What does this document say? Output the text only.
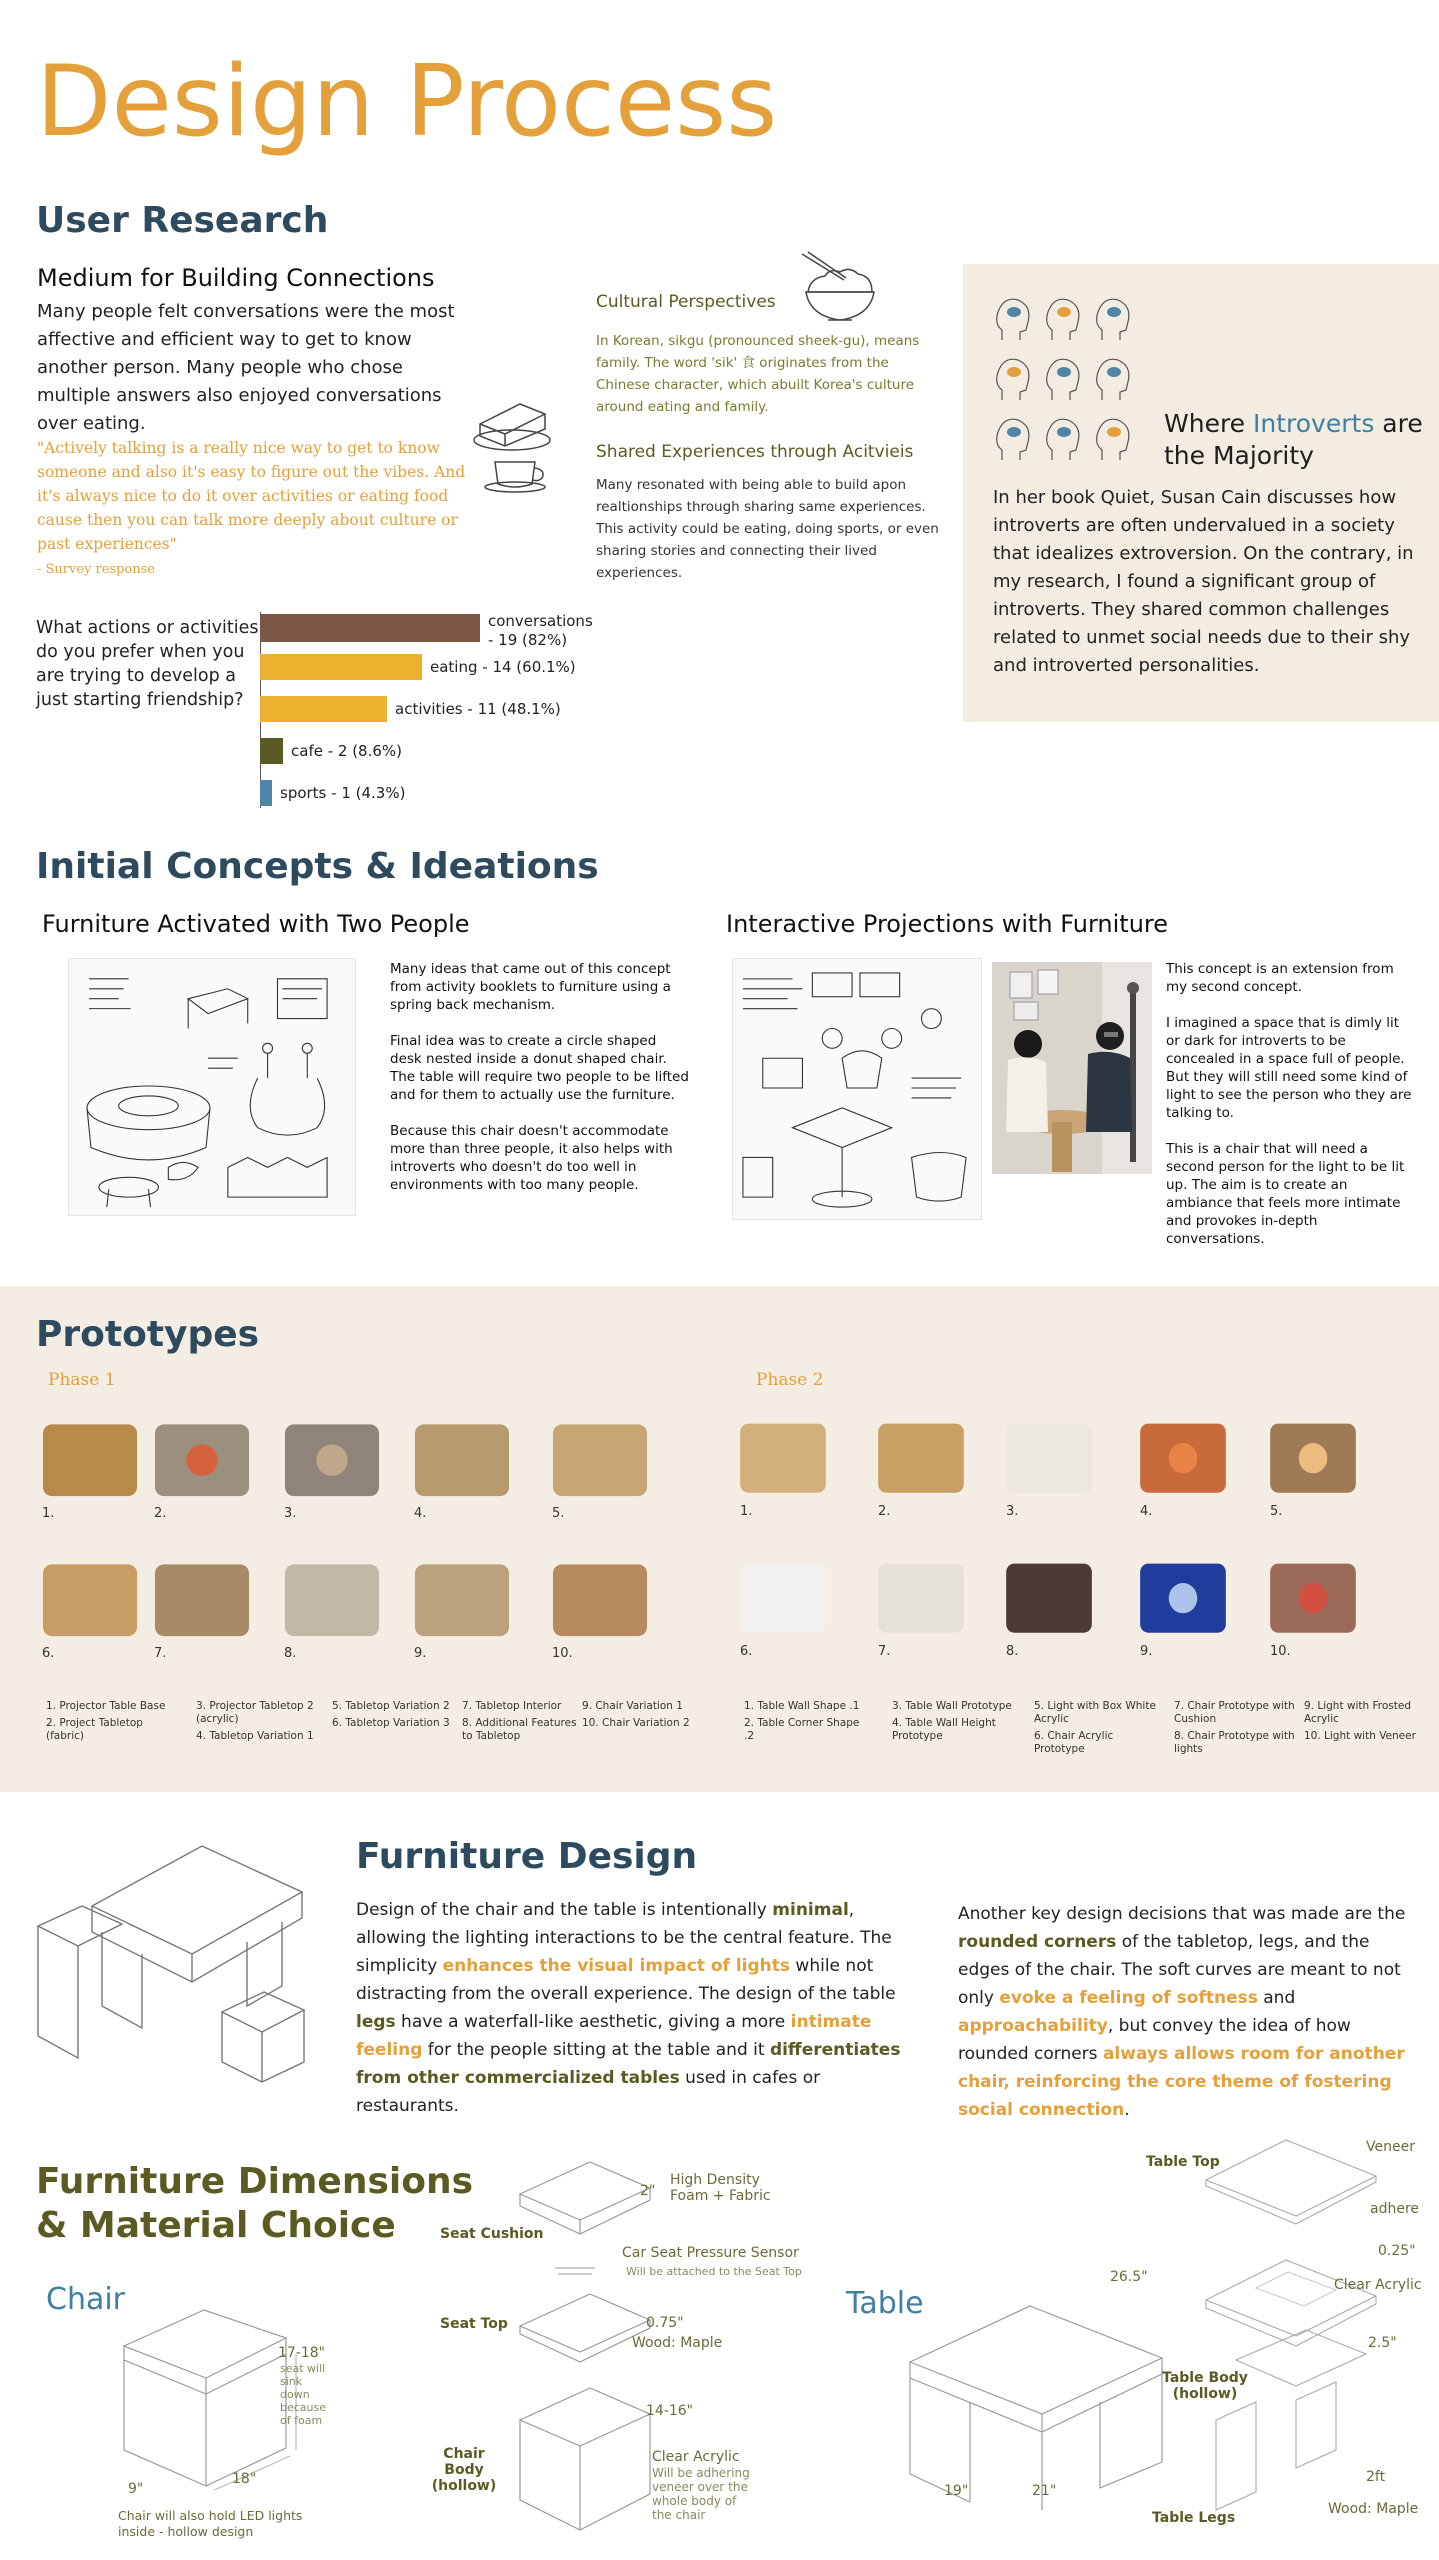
Design Process
User Research
Medium for Building Connections
Many people felt conversations were the most affective and efficient way to get to know another person. Many people who chose multiple answers also enjoyed conversations over eating.
"Actively talking is a really nice way to get to know someone and also it's easy to figure out the vibes. And it's always nice to do it over activities or eating food cause then you can talk more deeply about culture or past experiences"
- Survey response
Cultural Perspectives
In Korean, sikgu (pronounced sheek-gu), means family. The word 'sik' 食 originates from the Chinese character, which abuilt Korea's culture around eating and family.
Shared Experiences through Acitvieis
Many resonated with being able to build apon realtionships through sharing same experiences. This activity could be eating, doing sports, or even sharing stories and connecting their lived experiences.
Where Introverts are the Majority
In her book Quiet, Susan Cain discusses how introverts are often undervalued in a society that idealizes extroversion. On the contrary, in my research, I found a significant group of introverts. They shared common challenges related to unmet social needs due to their shy and introverted personalities.
What actions or activities do you prefer when you are trying to develop a just starting friendship?
conversations - 19 (82%)
eating - 14 (60.1%)
activities - 11 (48.1%)
cafe - 2 (8.6%)
sports - 1 (4.3%)
Initial Concepts & Ideations
Furniture Activated with Two People

Many ideas that came out of this concept from activity booklets to furniture using a spring back mechanism.

Final idea was to create a circle shaped desk nested inside a donut shaped chair. The table will require two people to be lifted and for them to actually use the furniture.

Because this chair doesn't accommodate more than three people, it also helps with introverts who doesn't do too well in environments with too many people.

Interactive Projections with Furniture

This concept is an extension from my second concept.

I imagined a space that is dimly lit or dark for introverts to be concealed in a space full of people. But they will still need some kind of light to see the person who they are talking to.

This is a chair that will need a second person for the light to be lit up. The aim is to create an ambiance that feels more intimate and provokes in-depth conversations.

Prototypes
Phase 1	Phase 2
1.	1.
2.	2.
3.	3.
4.	4.
5.	5.
6.	6.
7.	7.
8.	8.
9.	9.
10.	10.
1. Projector Table Base
2. Project Tabletop (fabric)
3. Projector Tabletop 2 (acrylic)
4. Tabletop Variation 1
5. Tabletop Variation 2
6. Tabletop Variation 3
7. Tabletop Interior
8. Additional Features to Tabletop
9. Chair Variation 1
10. Chair Variation 2
1. Table Wall Shape .1
2. Table Corner Shape .2
3. Table Wall Prototype
4. Table Wall Height Prototype
5. Light with Box White Acrylic
6. Chair Acrylic Prototype
7. Chair Prototype with Cushion
8. Chair Prototype with lights
9. Light with Frosted Acrylic
10. Light with Veneer
Furniture Design
Design of the chair and the table is intentionally minimal, allowing the lighting interactions to be the central feature. The simplicity enhances the visual impact of lights while not distracting from the overall experience. The design of the table legs have a waterfall-like aesthetic, giving a more intimate feeling for the people sitting at the table and it differentiates from other commercialized tables used in cafes or restaurants.
Another key design decisions that was made are the rounded corners of the tabletop, legs, and the edges of the chair. The soft curves are meant to not only evoke a feeling of softness and approachability, but convey the idea of how rounded corners always allows room for another chair, reinforcing the core theme of fostering social connection.
Furniture Dimensions
& Material Choice
Chair
17-18"
seat will sink down because of foam
18"
9"
Chair will also hold LED lights inside - hollow design
Seat Cushion
2"
High Density Foam + Fabric
Car Seat Pressure Sensor
Will be attached to the Seat Top
Seat Top	0.75"
Wood: Maple
Chair Body (hollow)
14-16"
Clear Acrylic
Will be adhering veneer over the whole body of the chair
Table
26.5"
19"	21"
Table Top
Veneer
adhere
0.25"
Clear Acrylic
2.5"
Table Body (hollow)
2ft
Table Legs
Wood: Maple
